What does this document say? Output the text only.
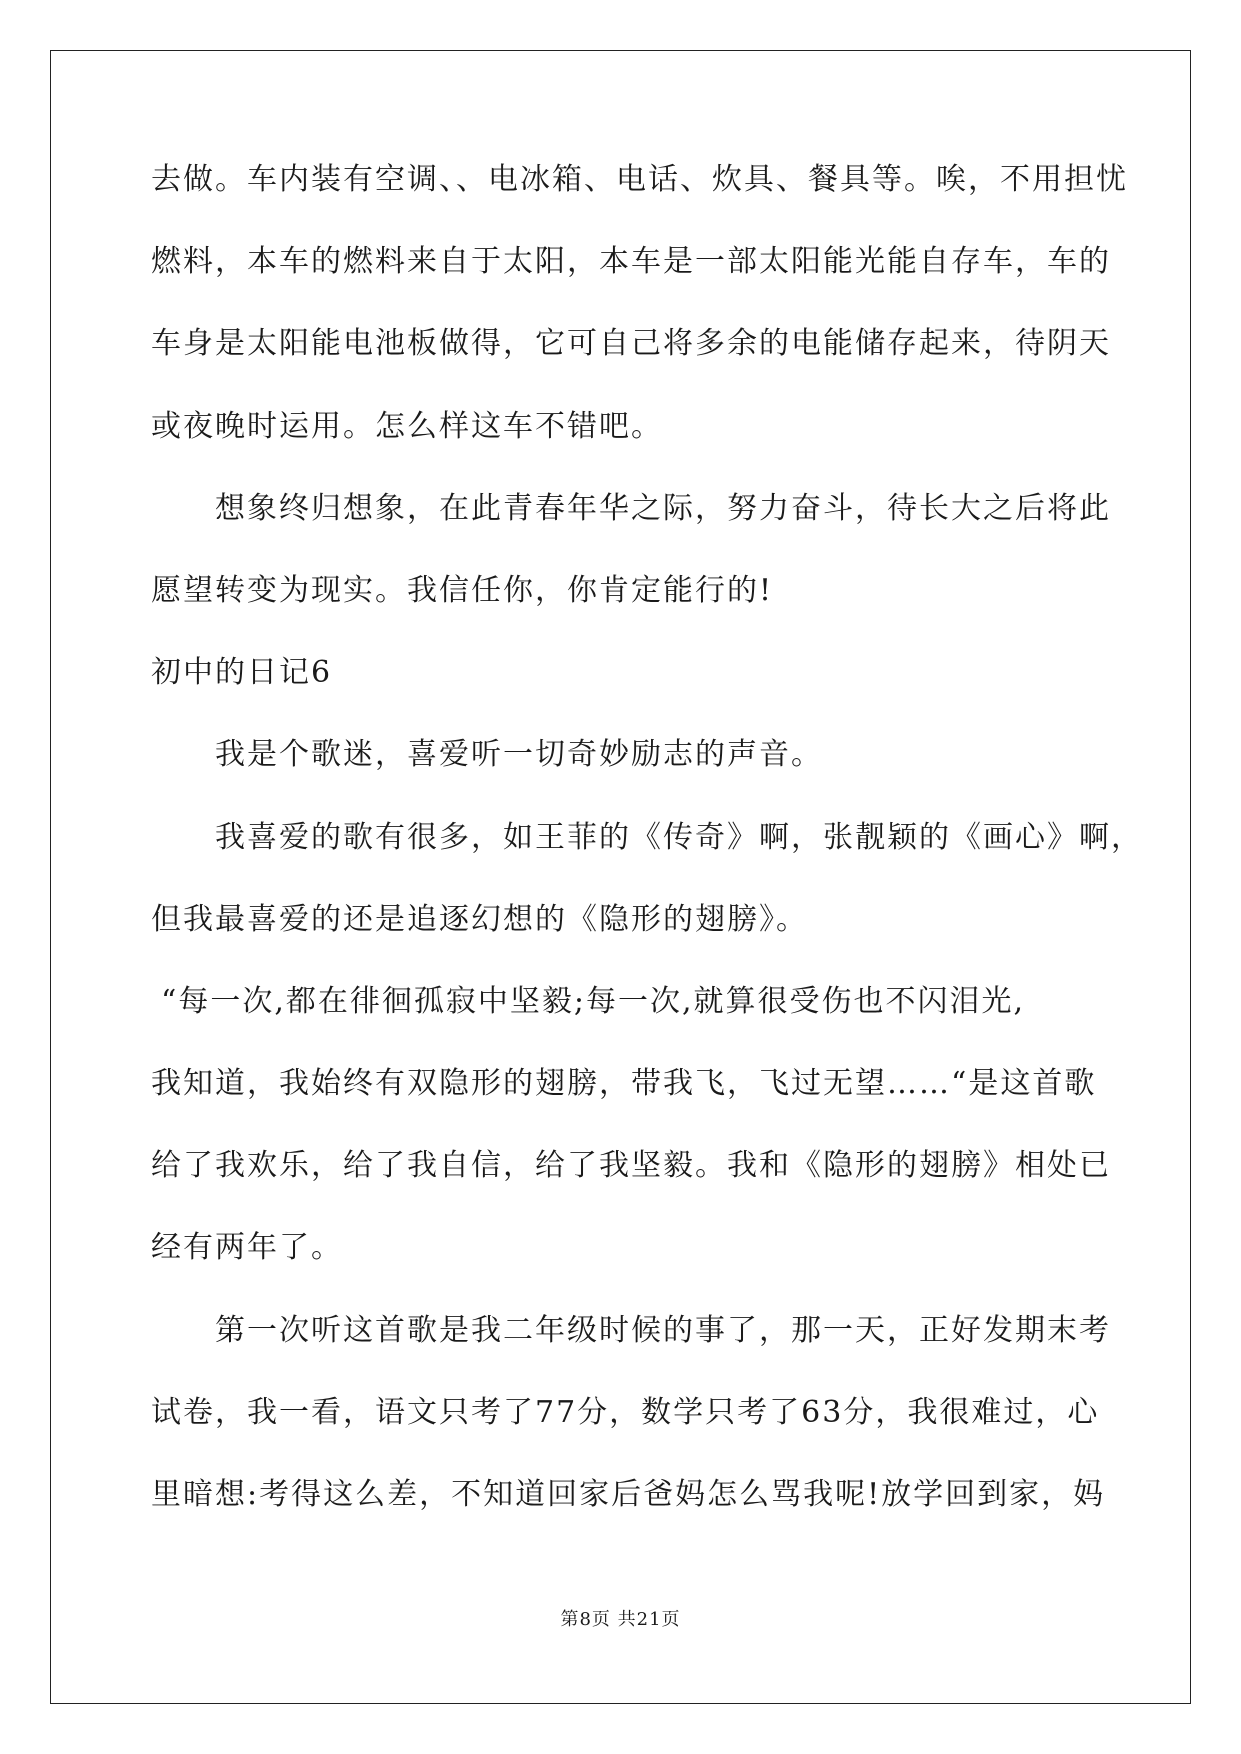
去做。车内装有空调、、电冰箱、电话、炊具、餐具等。唉，不用担忧
燃料，本车的燃料来自于太阳，本车是一部太阳能光能自存车，车的
车身是太阳能电池板做得，它可自己将多余的电能储存起来，待阴天
或夜晚时运用。怎么样这车不错吧。
想象终归想象，在此青春年华之际，努力奋斗，待长大之后将此
愿望转变为现实。我信任你，你肯定能行的!
初中的日记6
我是个歌迷，喜爱听一切奇妙励志的声音。
我喜爱的歌有很多，如王菲的《传奇》啊，张靓颖的《画心》啊，
但我最喜爱的还是追逐幻想的《隐形的翅膀》。
“每一次,都在徘徊孤寂中坚毅;每一次,就算很受伤也不闪泪光,
我知道，我始终有双隐形的翅膀，带我飞，飞过无望……“是这首歌
给了我欢乐，给了我自信，给了我坚毅。我和《隐形的翅膀》相处已
经有两年了。
第一次听这首歌是我二年级时候的事了，那一天，正好发期末考
试卷，我一看，语文只考了77分，数学只考了63分，我很难过，心
里暗想:考得这么差，不知道回家后爸妈怎么骂我呢!放学回到家，妈
第8页 共21页
